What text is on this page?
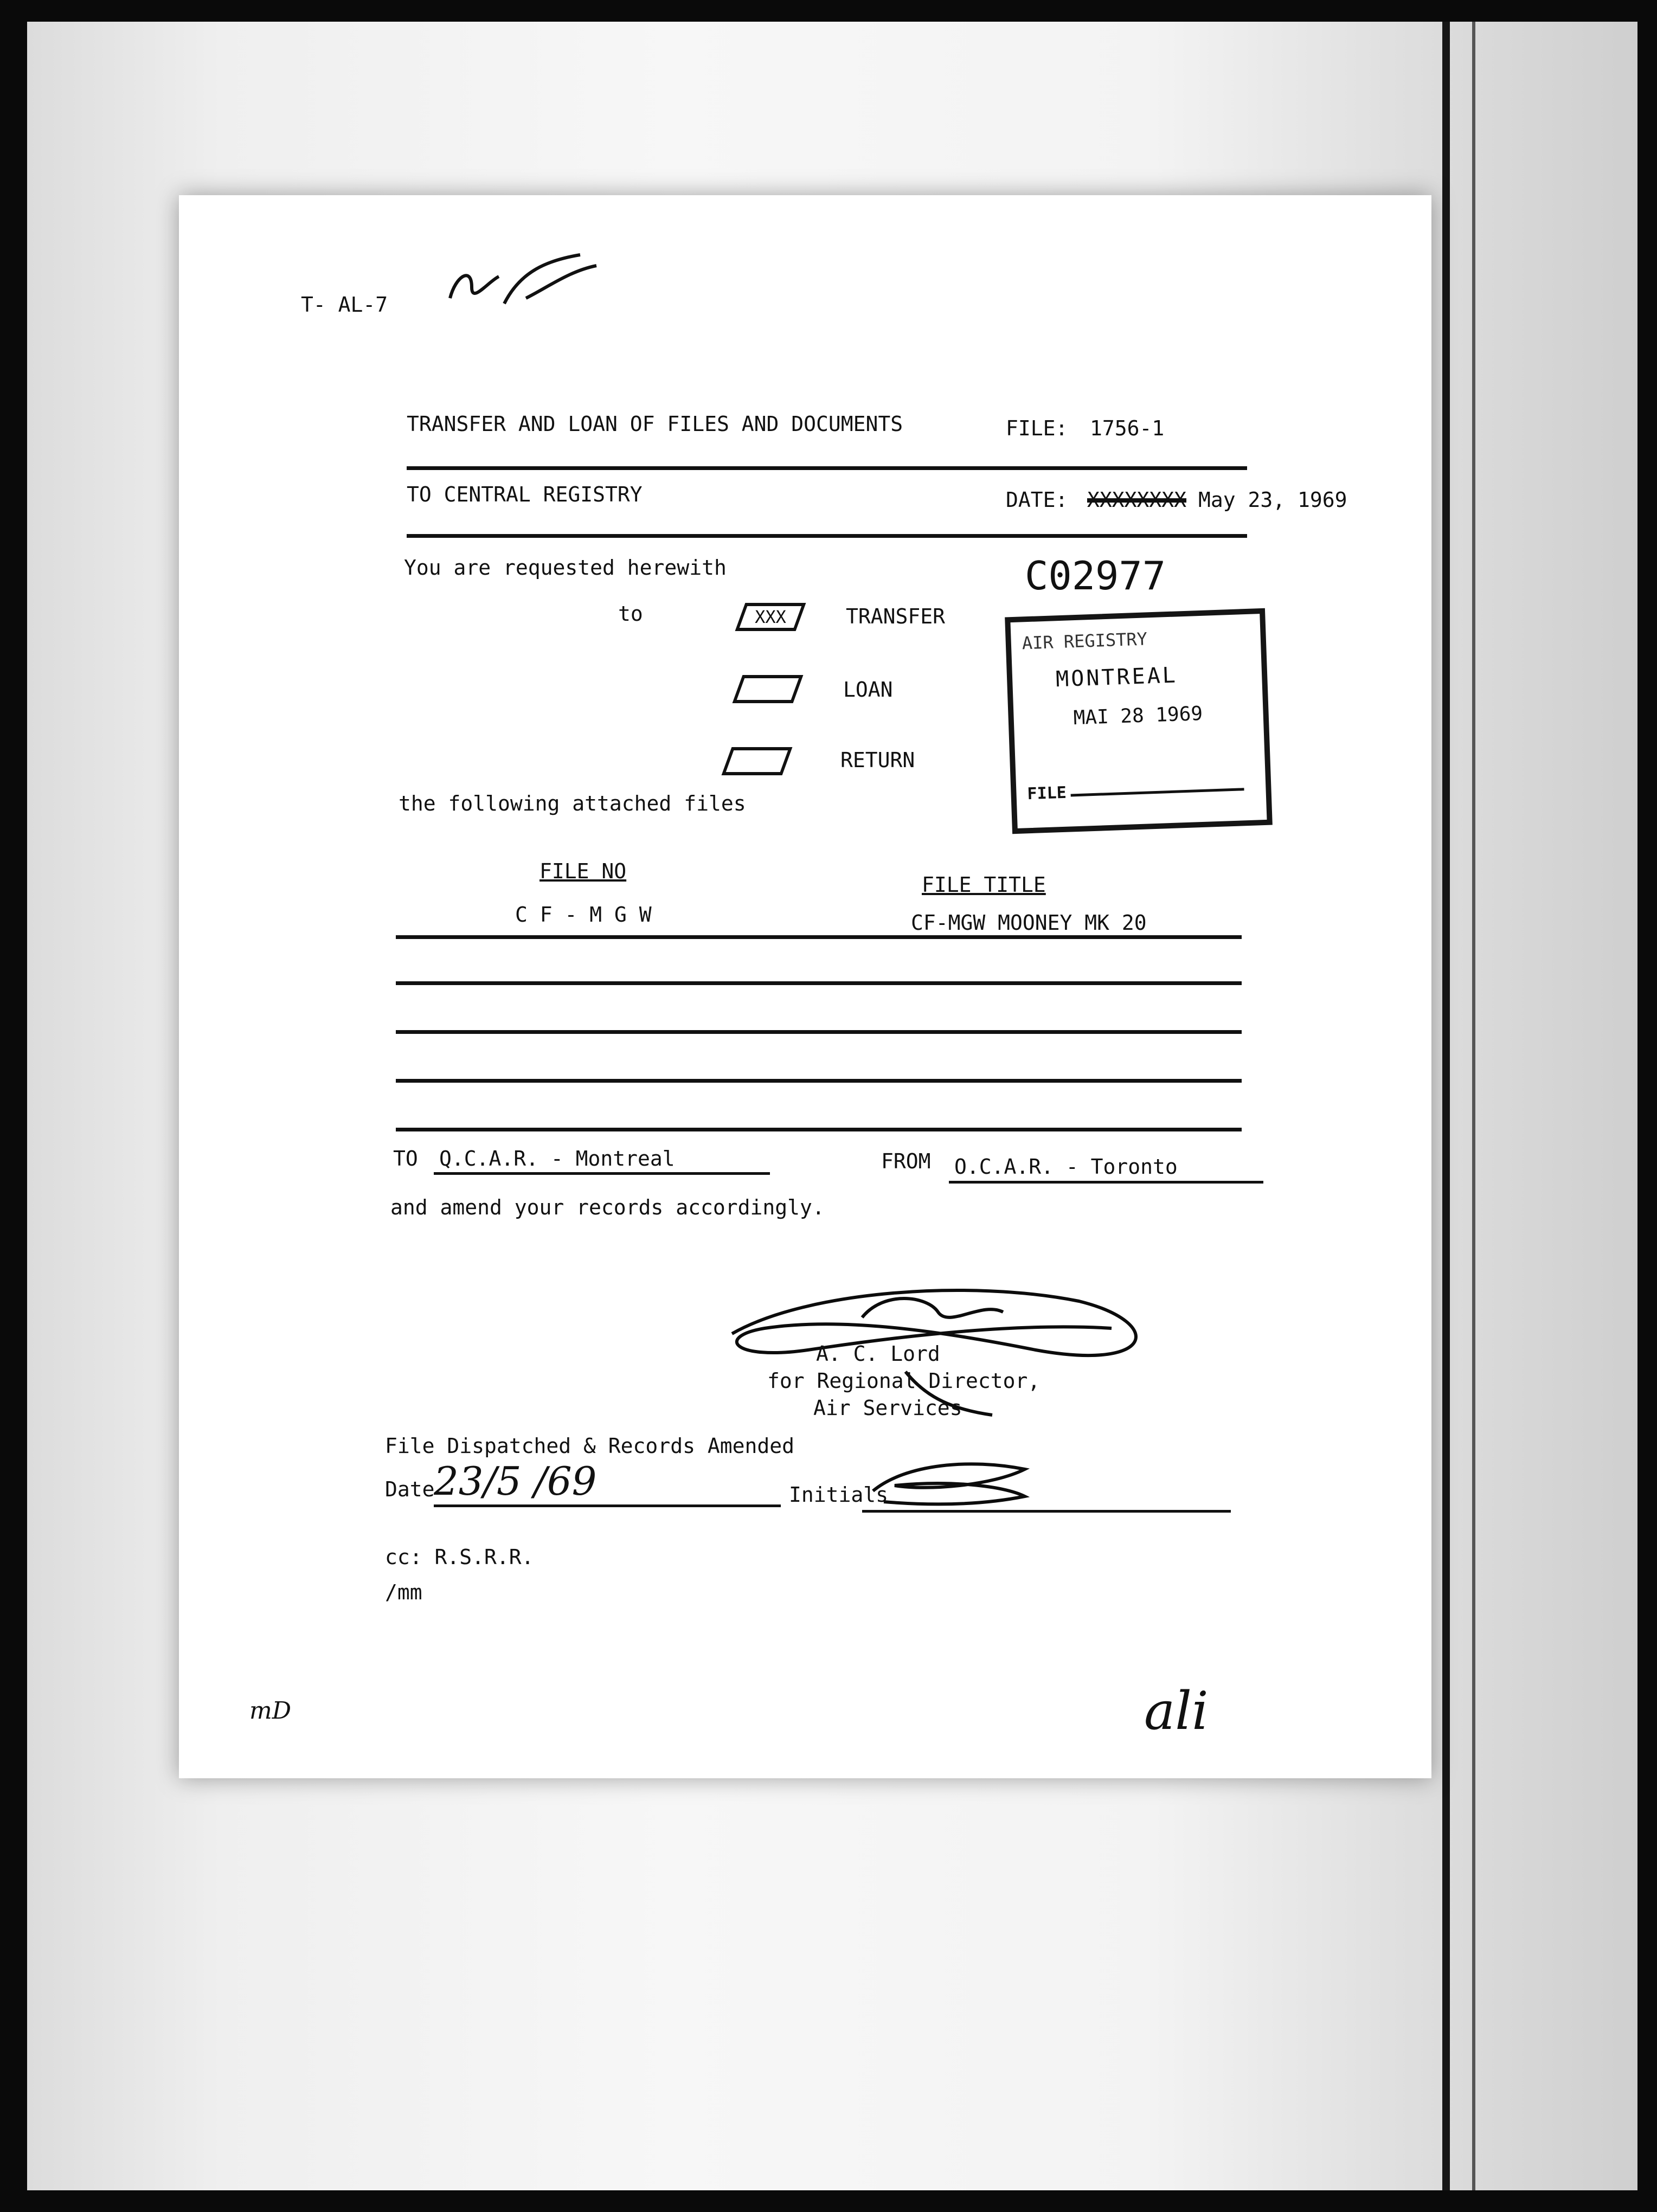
T- AL-7
TRANSFER AND LOAN OF FILES AND DOCUMENTS	FILE: 1756-1
TO CENTRAL REGISTRY	DATE: XXXXXXXX May 23, 1969
You are requested herewith
to	XXX	TRANSFER
LOAN
RETURN
C02977
AIR REGISTRY
MONTREAL
MAI 28 1969
FILE
the following attached files
FILE NO
FILE TITLE
C F - M G W	CF-MGW MOONEY MK 20
TO Q.C.A.R. - Montreal	FROM O.C.A.R. - Toronto
and amend your records accordingly.
A. C. Lord
for Regional Director,
Air Services
File Dispatched & Records Amended
Date
23/5 /69	Initials
cc: R.S.R.R.
/mm
mD	ali
